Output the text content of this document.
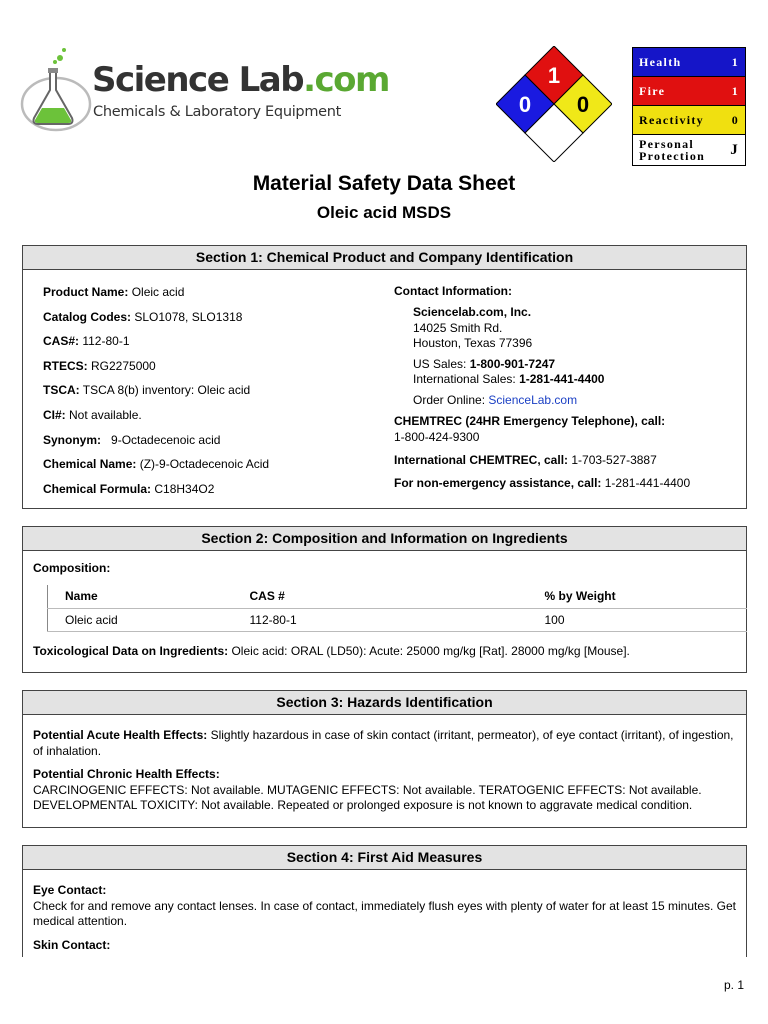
Science Lab.com
Chemicals & Laboratory Equipment
1
0 0
Health	1
Fire	1
Reactivity 0
Personal
Protection J
Material Safety Data Sheet
Oleic acid MSDS
Section 1: Chemical Product and Company Identification
Product Name: Oleic acid
Catalog Codes: SLO1078, SLO1318
CAS#: 112-80-1
RTECS: RG2275000
TSCA: TSCA 8(b) inventory: Oleic acid
CI#: Not available.
Synonym:   9-Octadecenoic acid
Chemical Name: (Z)-9-Octadecenoic Acid
Chemical Formula: C18H34O2
Contact Information:
Sciencelab.com, Inc.
14025 Smith Rd.
Houston, Texas 77396
US Sales: 1-800-901-7247
International Sales: 1-281-441-4400
Order Online: ScienceLab.com
CHEMTREC (24HR Emergency Telephone), call:
1-800-424-9300
International CHEMTREC, call: 1-703-527-3887
For non-emergency assistance, call: 1-281-441-4400
Section 2: Composition and Information on Ingredients
Composition:
Name	CAS #	% by Weight
Oleic acid	112-80-1	100
Toxicological Data on Ingredients: Oleic acid: ORAL (LD50): Acute: 25000 mg/kg [Rat]. 28000 mg/kg [Mouse].
Section 3: Hazards Identification
Potential Acute Health Effects: Slightly hazardous in case of skin contact (irritant, permeator), of eye contact (irritant), of ingestion, of inhalation.
Potential Chronic Health Effects:
CARCINOGENIC EFFECTS: Not available. MUTAGENIC EFFECTS: Not available. TERATOGENIC EFFECTS: Not available. DEVELOPMENTAL TOXICITY: Not available. Repeated or prolonged exposure is not known to aggravate medical condition.
Section 4: First Aid Measures
Eye Contact:
Check for and remove any contact lenses. In case of contact, immediately flush eyes with plenty of water for at least 15 minutes. Get medical attention.
Skin Contact:
p. 1
